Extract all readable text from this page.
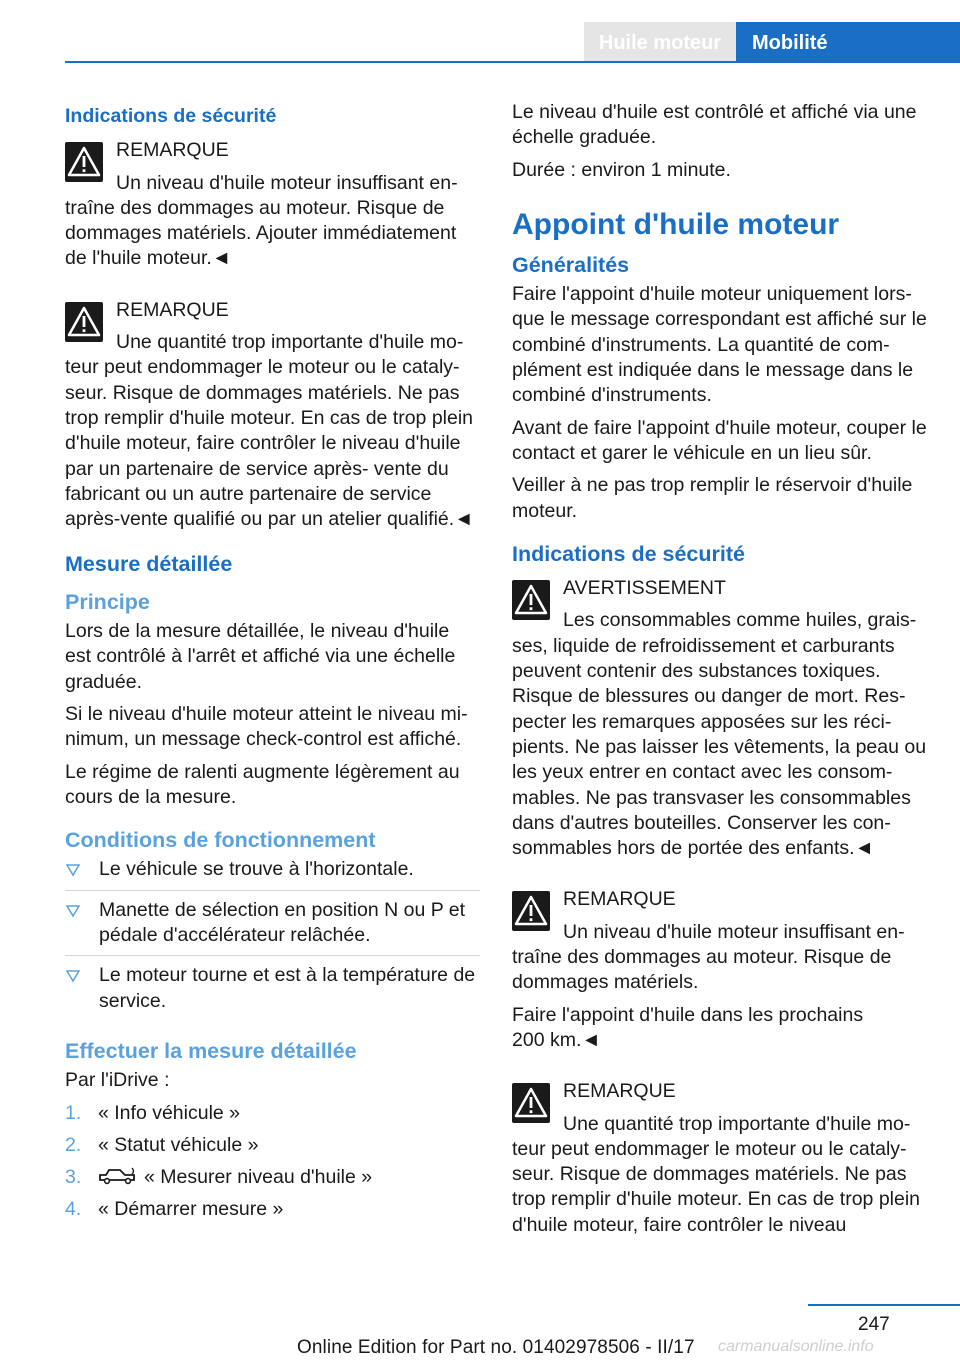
Huile moteur	Mobilité
Indications de sécurité
REMARQUE
Un niveau d'huile moteur insuffisant en‐
traîne des dommages au moteur. Risque de dommages matériels. Ajouter immédiatement de l'huile moteur.◄
REMARQUE
Une quantité trop importante d'huile mo‐
teur peut endommager le moteur ou le cataly‐ seur. Risque de dommages matériels. Ne pas trop remplir d'huile moteur. En cas de trop plein d'huile moteur, faire contrôler le niveau d'huile par un partenaire de service après- vente du fabricant ou un autre partenaire de service après-vente qualifié ou par un atelier qualifié.◄
Mesure détaillée
Principe

Lors de la mesure détaillée, le niveau d'huile est contrôlé à l'arrêt et affiché via une échelle graduée.

Si le niveau d'huile moteur atteint le niveau mi‐ nimum, un message check-control est affiché.

Le régime de ralenti augmente légèrement au cours de la mesure.

Conditions de fonctionnement
Le véhicule se trouve à l'horizontale.
Manette de sélection en position N ou P et pédale d'accélérateur relâchée.
Le moteur tourne et est à la température de service.
Effectuer la mesure détaillée

Par l'iDrive :

1. « Info véhicule »
2. « Statut véhicule »
3.	« Mesurer niveau d'huile »
4. « Démarrer mesure »

Le niveau d'huile est contrôlé et affiché via une échelle graduée.

Durée : environ 1 minute.

Appoint d'huile moteur
Généralités

Faire l'appoint d'huile moteur uniquement lors‐ que le message correspondant est affiché sur le combiné d'instruments. La quantité de com‐ plément est indiquée dans le message dans le combiné d'instruments.

Avant de faire l'appoint d'huile moteur, couper le contact et garer le véhicule en un lieu sûr.

Veiller à ne pas trop remplir le réservoir d'huile moteur.

Indications de sécurité
AVERTISSEMENT
Les consommables comme huiles, grais‐
ses, liquide de refroidissement et carburants peuvent contenir des substances toxiques. Risque de blessures ou danger de mort. Res‐ pecter les remarques apposées sur les réci‐ pients. Ne pas laisser les vêtements, la peau ou les yeux entrer en contact avec les consom‐ mables. Ne pas transvaser les consommables dans d'autres bouteilles. Conserver les con‐ sommables hors de portée des enfants.◄
REMARQUE
Un niveau d'huile moteur insuffisant en‐
traîne des dommages au moteur. Risque de dommages matériels.
Faire l'appoint d'huile dans les prochains 200 km.◄
REMARQUE
Une quantité trop importante d'huile mo‐
teur peut endommager le moteur ou le cataly‐ seur. Risque de dommages matériels. Ne pas trop remplir d'huile moteur. En cas de trop plein d'huile moteur, faire contrôler le niveau
247
Online Edition for Part no. 01402978506 - II/17 carmanualsonline.info
